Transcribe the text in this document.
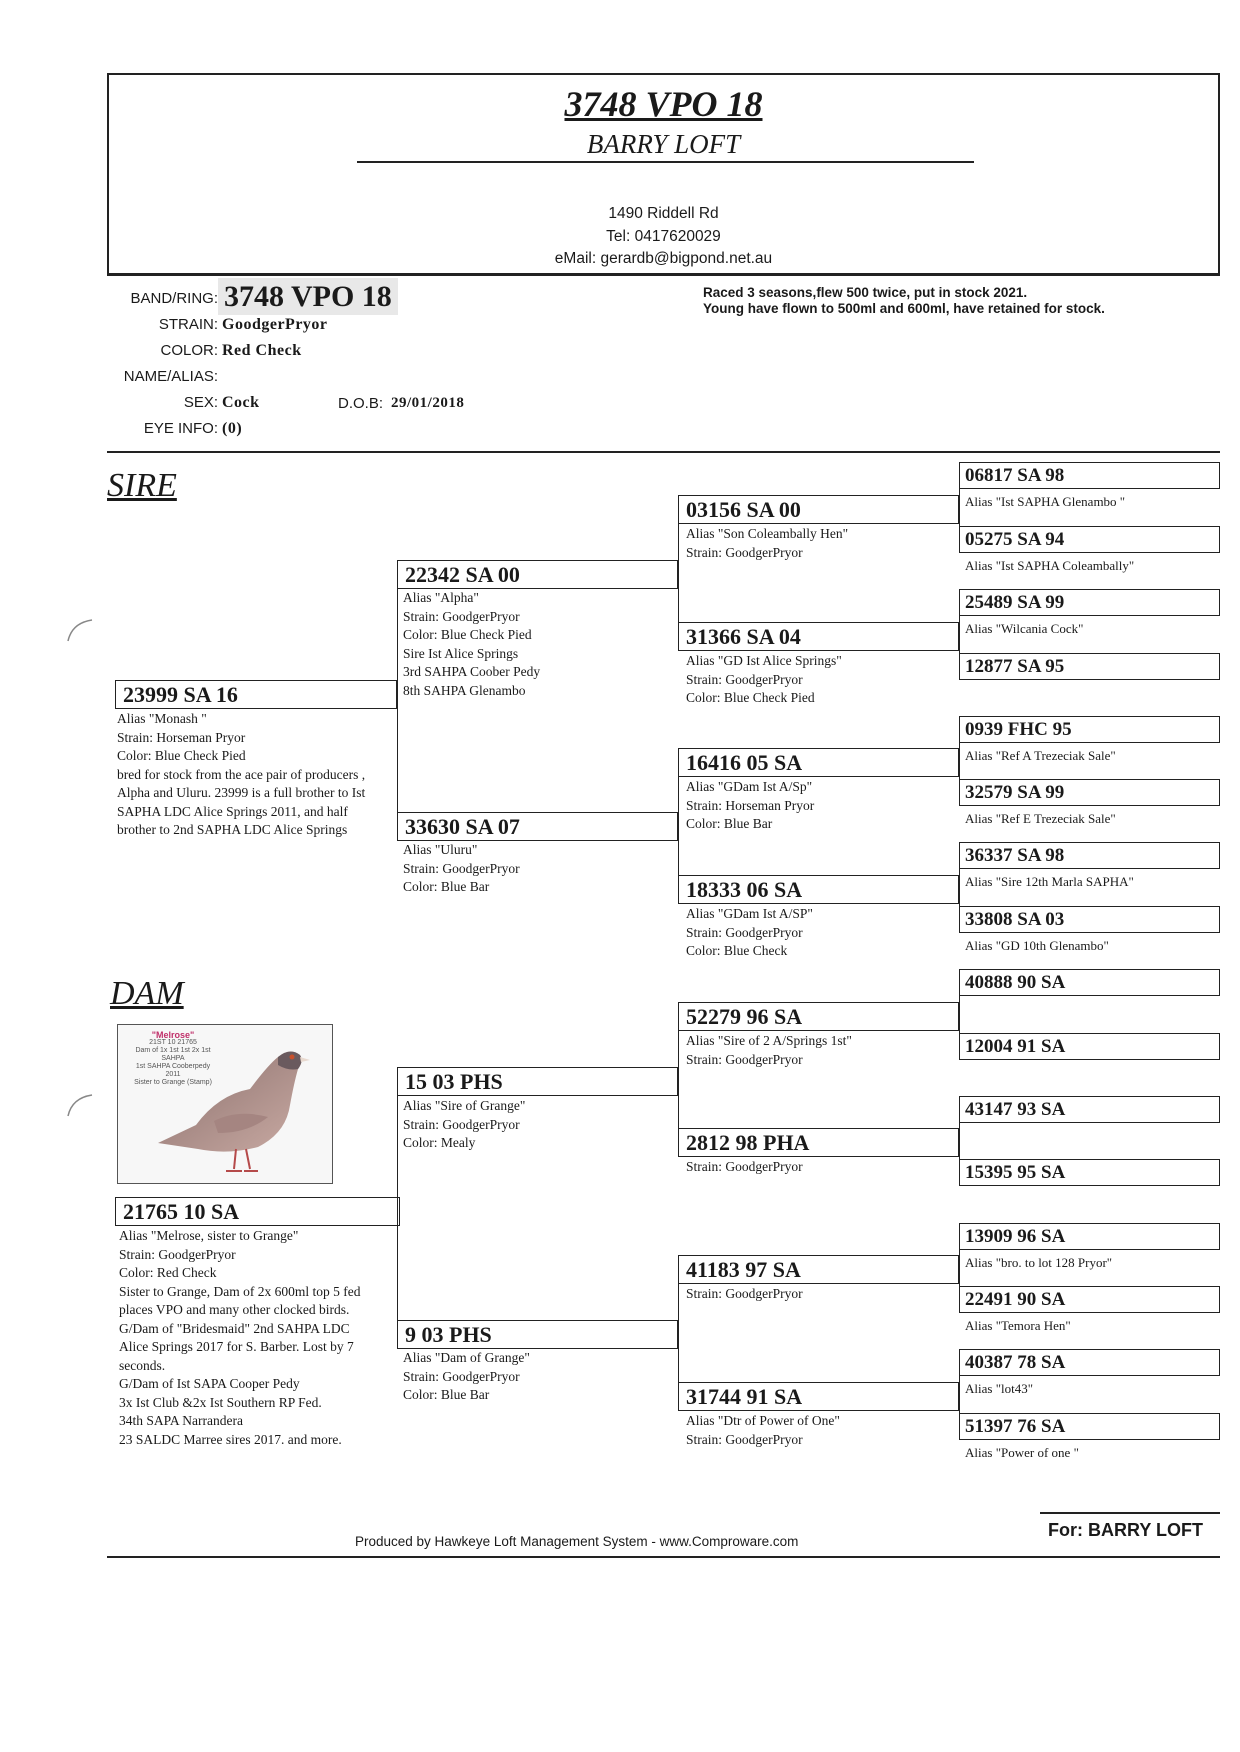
3748 VPO 18
BARRY LOFT
1490 Riddell Rd
Tel: 0417620029
eMail: gerardb@bigpond.net.au
BAND/RING: 3748 VPO 18
STRAIN: GoodgerPryor
COLOR: Red Check
NAME/ALIAS:
SEX: Cock	D.O.B: 29/01/2018
EYE INFO: (0)
Raced 3 seasons,flew 500 twice, put in stock 2021.
Young have flown to 500ml and 600ml, have retained for stock.
SIRE
DAM
23999 SA 16
Alias "Monash "
Strain: Horseman Pryor
Color: Blue Check Pied
bred for stock from the ace pair of producers ,
Alpha and Uluru. 23999 is a full brother to Ist
SAPHA LDC Alice Springs 2011, and half
brother to 2nd SAPHA LDC Alice Springs
"Melrose"
21ST 10 21765
Dam of 1x 1st 1st 2x 1st SAHPA
1st SAHPA Cooberpedy 2011
Sister to Grange (Stamp)
21765 10 SA
Alias "Melrose, sister to Grange"
Strain: GoodgerPryor
Color: Red Check
Sister to Grange, Dam of 2x 600ml top 5 fed
places VPO and many other clocked birds.
G/Dam of "Bridesmaid" 2nd SAHPA LDC
Alice Springs 2017 for S. Barber. Lost by 7
seconds.
G/Dam of Ist SAPA Cooper Pedy
3x Ist Club &2x Ist Southern RP Fed.
34th SAPA Narrandera
23 SALDC Marree sires 2017. and more.
22342 SA 00
Alias "Alpha"
Strain: GoodgerPryor
Color: Blue Check Pied
Sire Ist Alice Springs
3rd SAHPA Coober Pedy
8th SAHPA Glenambo
33630 SA 07
Alias "Uluru"
Strain: GoodgerPryor
Color: Blue Bar
15 03 PHS
Alias "Sire of Grange"
Strain: GoodgerPryor
Color: Mealy
9 03 PHS
Alias "Dam of Grange"
Strain: GoodgerPryor
Color: Blue Bar
03156 SA 00
Alias "Son Coleambally Hen"
Strain: GoodgerPryor
31366 SA 04
Alias "GD Ist Alice Springs"
Strain: GoodgerPryor
Color: Blue Check Pied
16416 05 SA
Alias "GDam Ist A/Sp"
Strain: Horseman Pryor
Color: Blue Bar
18333 06 SA
Alias "GDam Ist A/SP"
Strain: GoodgerPryor
Color: Blue Check
52279 96 SA
Alias "Sire of 2 A/Springs 1st"
Strain: GoodgerPryor
2812 98 PHA
Strain: GoodgerPryor
41183 97 SA
Strain: GoodgerPryor
31744 91 SA
Alias "Dtr of Power of One"
Strain: GoodgerPryor
06817 SA 98
Alias "Ist SAPHA Glenambo "
05275 SA 94
Alias "Ist SAPHA Coleambally"
25489 SA 99
Alias "Wilcania Cock"
12877 SA 95
0939 FHC 95
Alias "Ref A Trezeciak Sale"
32579 SA 99
Alias "Ref E Trezeciak Sale"
36337 SA 98
Alias "Sire 12th Marla SAPHA"
33808 SA 03
Alias "GD 10th Glenambo"
40888 90 SA
12004 91 SA
43147 93 SA
15395 95 SA
13909 96 SA
Alias "bro. to lot 128 Pryor"
22491 90 SA
Alias "Temora Hen"
40387 78 SA
Alias "lot43"
51397 76 SA
Alias "Power of one "
Produced by Hawkeye Loft Management System - www.Comproware.com
For: BARRY LOFT
